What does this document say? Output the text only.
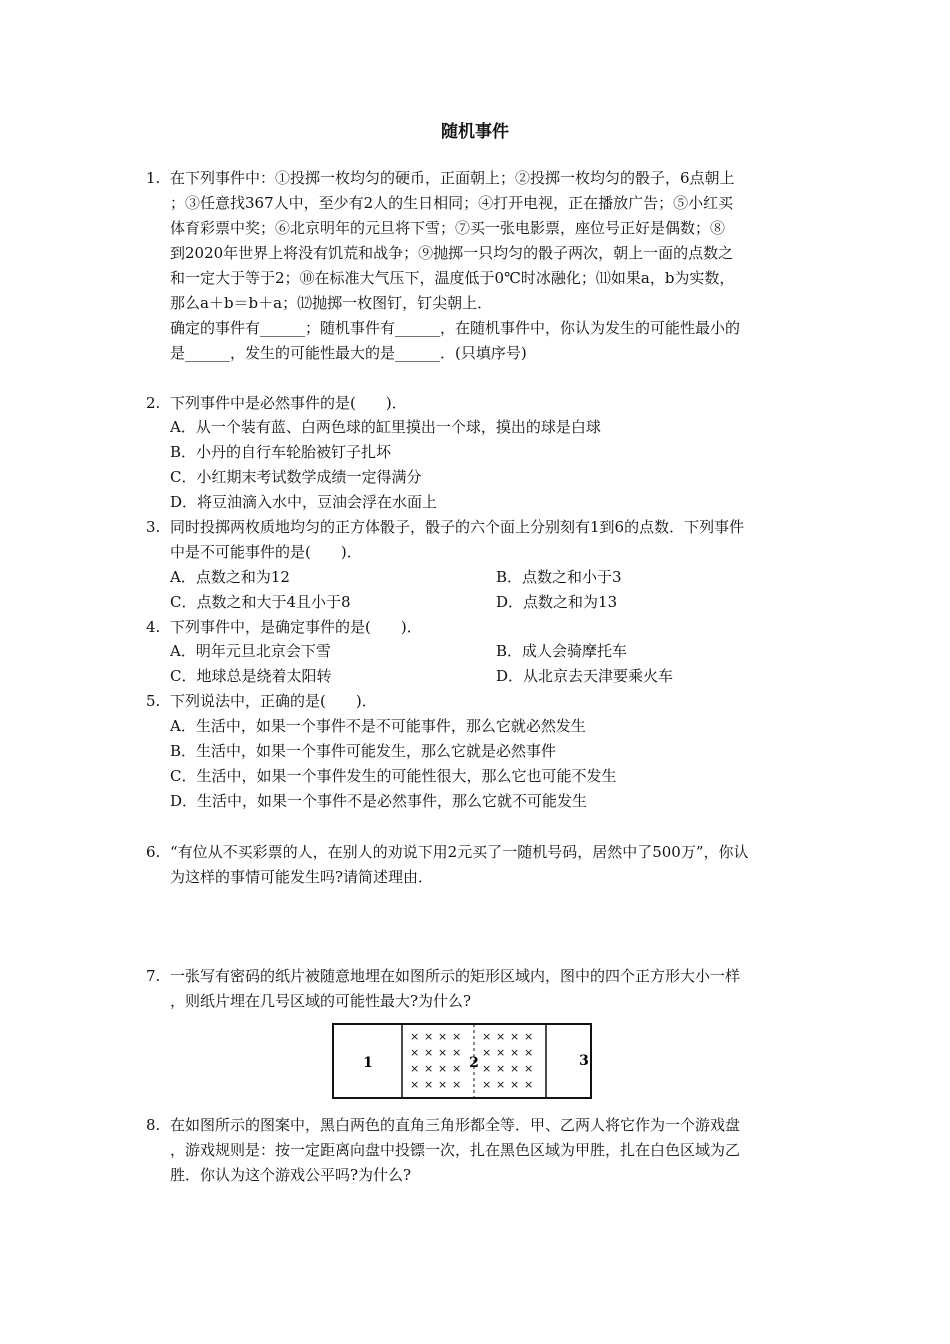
随机事件
1. 在下列事件中：①投掷一枚均匀的硬币，正面朝上；②投掷一枚均匀的骰子，6点朝上
；③任意找367人中，至少有2人的生日相同；④打开电视，正在播放广告；⑤小红买
体育彩票中奖；⑥北京明年的元旦将下雪；⑦买一张电影票，座位号正好是偶数；⑧
到2020年世界上将没有饥荒和战争；⑨抛掷一只均匀的骰子两次，朝上一面的点数之
和一定大于等于2；⑩在标准大气压下，温度低于0℃时冰融化；⑾如果a，b为实数，
那么a＋b＝b＋a；⑿抛掷一枚图钉，钉尖朝上．
确定的事件有______；随机事件有______，在随机事件中，你认为发生的可能性最小的
是______，发生的可能性最大的是______．(只填序号)
2. 下列事件中是必然事件的是(　　)．
A．从一个装有蓝、白两色球的缸里摸出一个球，摸出的球是白球
B．小丹的自行车轮胎被钉子扎坏
C．小红期末考试数学成绩一定得满分
D．将豆油滴入水中，豆油会浮在水面上
3. 同时投掷两枚质地均匀的正方体骰子，骰子的六个面上分别刻有1到6的点数．下列事件
中是不可能事件的是(　　)．
A．点数之和为12	B．点数之和小于3
C．点数之和大于4且小于8	D．点数之和为13
4. 下列事件中，是确定事件的是(　　)．
A．明年元旦北京会下雪	B．成人会骑摩托车
C．地球总是绕着太阳转	D．从北京去天津要乘火车
5. 下列说法中，正确的是(　　)．
A．生活中，如果一个事件不是不可能事件，那么它就必然发生
B．生活中，如果一个事件可能发生，那么它就是必然事件
C．生活中，如果一个事件发生的可能性很大，那么它也可能不发生
D．生活中，如果一个事件不是必然事件，那么它就不可能发生
6. “有位从不买彩票的人，在别人的劝说下用2元买了一随机号码，居然中了500万”，你认
为这样的事情可能发生吗?请简述理由．
7. 一张写有密码的纸片被随意地埋在如图所示的矩形区域内，图中的四个正方形大小一样
，则纸片埋在几号区域的可能性最大?为什么?
× × × ×
× × × ×
× × × ×
× × × ×
× × × ×
× × × ×
× × × ×
× × × ×
1	2	3
8. 在如图所示的图案中，黑白两色的直角三角形都全等．甲、乙两人将它作为一个游戏盘
，游戏规则是：按一定距离向盘中投镖一次，扎在黑色区域为甲胜，扎在白色区域为乙
胜．你认为这个游戏公平吗?为什么?
